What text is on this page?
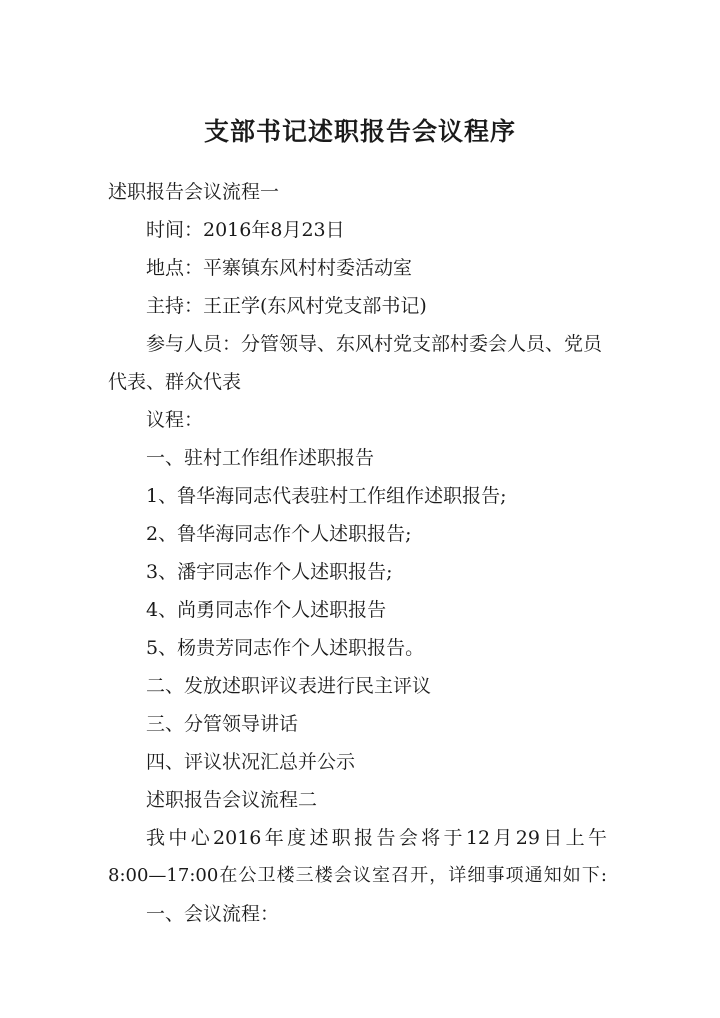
支部书记述职报告会议程序
述职报告会议流程一
时间：2016年8月23日
地点：平寨镇东风村村委活动室
主持：王正学(东风村党支部书记)
参与人员：分管领导、东风村党支部村委会人员、党员
代表、群众代表
议程：
一、驻村工作组作述职报告
1、鲁华海同志代表驻村工作组作述职报告;
2、鲁华海同志作个人述职报告;
3、潘宇同志作个人述职报告;
4、尚勇同志作个人述职报告
5、杨贵芳同志作个人述职报告。
二、发放述职评议表进行民主评议
三、分管领导讲话
四、评议状况汇总并公示
述职报告会议流程二
我中心2016年度述职报告会将于12月29日上午
8:00—17:00在公卫楼三楼会议室召开，详细事项通知如下:
一、会议流程：
